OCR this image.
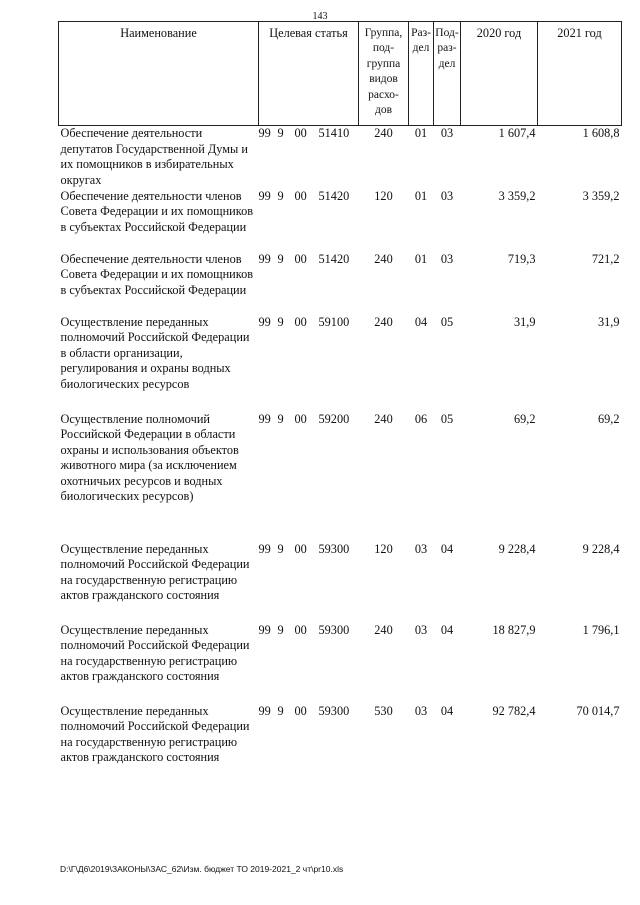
143
Наименование	Целевая статья	Группа, под-группа видов расхо-дов	Раз-дел	Под-раз-дел	2020 год	2021 год
Обеспечение деятельности депутатов Государственной Думы и их помощников в избирательных округах	99 9 00 51410	240	01	03	1 607,4	1 608,8
Обеспечение деятельности членов Совета Федерации и их помощников в субъектах Российской Федерации	99 9 00 51420	120	01	03	3 359,2	3 359,2
Обеспечение деятельности членов Совета Федерации и их помощников в субъектах Российской Федерации	99 9 00 51420	240	01	03	719,3	721,2
Осуществление переданных полномочий Российской Федерации в области организации, регулирования и охраны водных биологических ресурсов	99 9 00 59100	240	04	05	31,9	31,9
Осуществление полномочий Российской Федерации в области охраны и использования объектов животного мира (за исключением охотничьих ресурсов и водных биологических ресурсов)	99 9 00 59200	240	06	05	69,2	69,2
Осуществление переданных полномочий Российской Федерации на государственную регистрацию актов гражданского состояния	99 9 00 59300	120	03	04	9 228,4	9 228,4
Осуществление переданных полномочий Российской Федерации на государственную регистрацию актов гражданского состояния	99 9 00 59300	240	03	04	18 827,9	1 796,1
Осуществление переданных полномочий Российской Федерации на государственную регистрацию актов гражданского состояния	99 9 00 59300	530	03	04	92 782,4	70 014,7
D:\Г\Д6\2019\ЗАКОНЫ\ЗАС_62\Изм. бюджет ТО 2019-2021_2 чт\pr10.xls
